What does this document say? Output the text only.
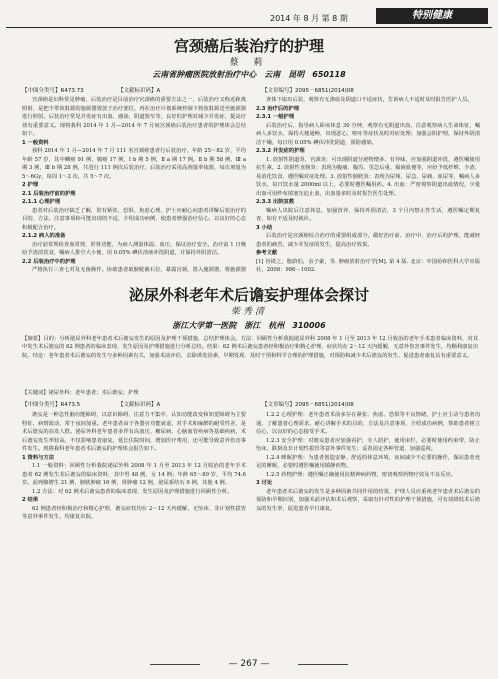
2014 年 8 月 第 8 期	特别健康
宫颈癌后装治疗的护理
蔡 莉
云南省肿瘤医院放射治疗中心　云南　昆明　650118
【中图分类号】R473.73	【文献标识码】A	【文章编号】2095－6851(2014)08

宫颈癌是妇科常见肿瘤，后装治疗是目前治疗宫颈癌的重要方法之一，后装治疗又称近距离照射，是把不带放射源的施源器置放于治疗部位，再在治疗计划系统控制下将放射源送至施源器进行照射。后装治疗常见并发症有出血、感染、阴道狭窄等，良好的护理对减少并发症、提高疗效有重要意义。现将我科 2014 年 1 月—2014 年 7 月间宫颈癌后装治疗患者的护理体会总结如下。

1 一般资料

我科 2014 年 1 月—2014 年 7 月 111 名宫颈癌患者行后装治疗，年龄 25～82 岁，平均年龄 57 岁，其中鳞癌 91 例，腺癌 17 例，Ⅰ b 期 5 例，Ⅱ a 期 17 例，Ⅱ b 期 58 例，Ⅲ a 期 3 例，Ⅲ b 期 28 例，共进行 111 例次后装治疗，后装治疗采用高剂量率铱源，每次剂量为 5～6Gy，每周 1～2 次，共 5～7 次。

2 护理

2.1 后装治疗前的护理

2.1.1 心理护理

患者对后装治疗缺乏了解，常有紧张、恐惧、焦虑心理，护士应耐心向患者讲解后装治疗的目的、方法、注意事项和可能出现的不适，介绍成功病例，使患者增强治疗信心，以良好的心态积极配合治疗。

2.1.2 病人的准备

治疗前常规检查血常规、肝肾功能，为病人测量体温、血压，保证治疗安全。治疗前 1 日晚给予清淡饮食，嘱病人排空大小便，用 0.05% 碘伏溶液冲洗阴道，并保持外阴清洁。

2.2 后装治疗中的护理

严格执行三查七对及无菌操作。协助患者取膀胱截石位，暴露宫颈，置入施源器，将施源器

查体下取出后装，观察有无渗血及阴道口不适症状，告诉病人不适时及时报告医护人员。

2.3 治疗后的护理

2.3.1 一般护理

后装治疗后，指导病人卧床休息 30 分钟，观察有无阴道出血，注意观察病人生命体征，嘱病人多饮水，保持大便通畅，出现恶心、呕吐等症状及时对症处理；加强会阴护理，保持外阴清洁干燥，每日用 0.05% 碘伏冲洗阴道，预防感染。

2.3.2 并发症的护理

1. 放射性阴道炎、宫颈炎：可出现阴道分泌物增多、有异味，应加强阴道冲洗，遵医嘱使用抗生素。2. 放射性直肠炎：表现为腹痛、腹泻、里急后重、黏液血便等，应给予低纤维、少渣、易消化饮食，遵医嘱对症处理。3. 放射性膀胱炎：表现为尿频、尿急、尿痛、血尿等，嘱病人多饮水，每日饮水量 2000ml 以上，必要时遵医嘱用药。4. 出血：严密观察阴道出血情况，少量出血可用纱布填塞压迫止血，出血量多时及时报告医生处理。

2.3.3 出院宣教

嘱病人出院后注意休息，加强营养，保持外阴清洁，3 个月内禁止性生活，遵医嘱定期复查，如有不适及时就诊。

3 小结

后装治疗是宫颈癌综合治疗的重要组成部分，做好治疗前、治疗中、治疗后的护理，能减轻患者的痛苦，减少并发症的发生，提高治疗效果。

参考文献

[1] 谷铣之，殷蔚伯，余子豪，等. 肿瘤放射治疗学[M]. 第 4 版. 北京：中国协和医科大学出版社，2008：986－1002.

泌尿外科老年术后谵妄护理体会探讨
柴秀清
浙江大学第一医院　浙江　杭州　310006
【摘要】目的：分析泌尿外科老年患者术后谵妄发生的原因及护理干预措施，总结护理体会。方法：回顾性分析我院泌尿外科 2008 年 1 月至 2013 年 12 月收治的老年手术患者临床资料，对其中发生术后谵妄的 62 例患者的临床表现、发生原因及护理措施进行分析总结。结果：62 例术后谵妄患者经积极治疗和精心护理，症状均在 2～12 天内缓解，无意外伤害事件发生，均顺利康复出院。结论：老年患者术后谵妄的发生与多种因素有关，加强术前评估，去除诱发因素，早期发现、及时干预和科学合理的护理措施，对预防和减少术后谵妄的发生、促进患者康复具有重要意义。
【关键词】泌尿外科；老年患者；术后谵妄；护理
【中图分类号】R473.5	【文献标识码】A	【文章编号】2095－6851(2014)08

谵妄是一种急性脑功能障碍，以意识障碍、注意力不集中、认知功能改变和知觉障碍为主要特征，病情波动，常于夜间加重。老年患者由于各器官功能衰退，对手术和麻醉的耐受性差，是术后谵妄的高发人群。泌尿外科老年患者多伴有高血压、糖尿病、心脑血管疾病等基础疾病，术后谵妄发生率较高，不仅影响患者康复，延长住院时间，增加医疗费用，还可能导致意外伤害事件发生。现将我科老年患者术后谵妄的护理体会报告如下。

1 资料与方法

1.1 一般资料：回顾性分析我院泌尿外科 2008 年 1 月至 2013 年 12 月收治的老年手术患者 62 例发生术后谵妄的临床资料，其中男 48 例，女 14 例；年龄 65～89 岁，平均 74.6 岁。前列腺增生 21 例，膀胱肿瘤 16 例，肾肿瘤 12 例，泌尿系结石 9 例，其他 4 例。

1.2 方法：对 62 例术后谵妄患者的临床表现、发生原因及护理措施进行回顾性分析。

2 结果

62 例患者经积极治疗和精心护理，谵妄症状均在 2～12 天内缓解，无坠床、非计划性拔管等意外事件发生，均康复出院。

1.2.2 心理护理：老年患者术前多存在紧张、焦虑、恐惧等不良情绪，护士应主动与患者沟通，了解患者心理需求，耐心讲解手术的目的、方法及注意事项，介绍成功病例，帮助患者树立信心，以良好的心态接受手术。

1.2.3 安全护理：对谵妄患者应加强看护，专人陪护，使用床栏，必要时使用约束带，防止坠床、跌倒及非计划性拔管等意外事件发生；妥善固定各种管道，加强巡视。

1.2.4 睡眠护理：为患者创造安静、舒适的休息环境，夜间减少不必要的操作，保证患者充足的睡眠，必要时遵医嘱使用镇静药物。

1.2.5 药物护理：遵医嘱正确使用抗精神病药物，密切观察药物疗效及不良反应。

3 讨论

老年患者术后谵妄的发生是多种因素共同作用的结果，护理人员应重视老年患者术后谵妄的预防和早期识别，加强术前评估和术后观察，采取有针对性的护理干预措施，可有效降低术后谵妄的发生率，促进患者早日康复。

— 267 —
